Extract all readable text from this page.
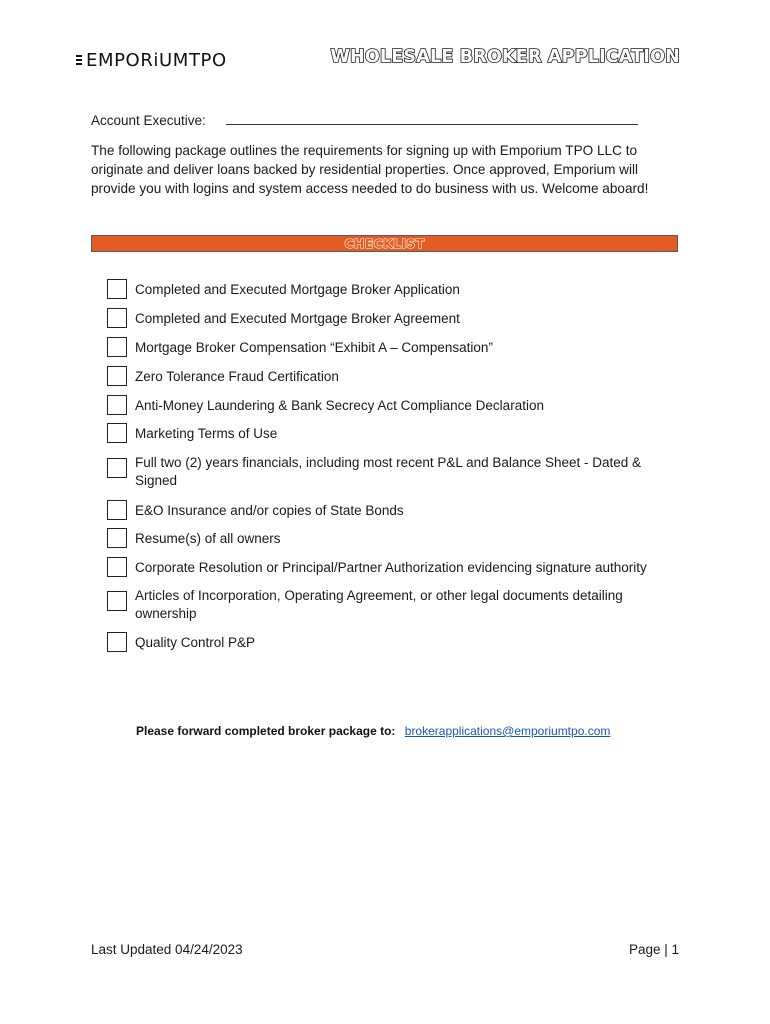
EMPORiUMTPO	WHOLESALE BROKER APPLICATION
Account Executive:
The following package outlines the requirements for signing up with Emporium TPO LLC to originate and deliver loans backed by residential properties. Once approved, Emporium will provide you with logins and system access needed to do business with us. Welcome aboard!
CHECKLIST
Completed and Executed Mortgage Broker Application
Completed and Executed Mortgage Broker Agreement
Mortgage Broker Compensation “Exhibit A – Compensation”
Zero Tolerance Fraud Certification
Anti-Money Laundering & Bank Secrecy Act Compliance Declaration
Marketing Terms of Use
Full two (2) years financials, including most recent P&L and Balance Sheet - Dated & Signed
E&O Insurance and/or copies of State Bonds
Resume(s) of all owners
Corporate Resolution or Principal/Partner Authorization evidencing signature authority
Articles of Incorporation, Operating Agreement, or other legal documents detailing ownership
Quality Control P&P
Please forward completed broker package to: brokerapplications@emporiumtpo.com
Last Updated 04/24/2023	Page | 1
